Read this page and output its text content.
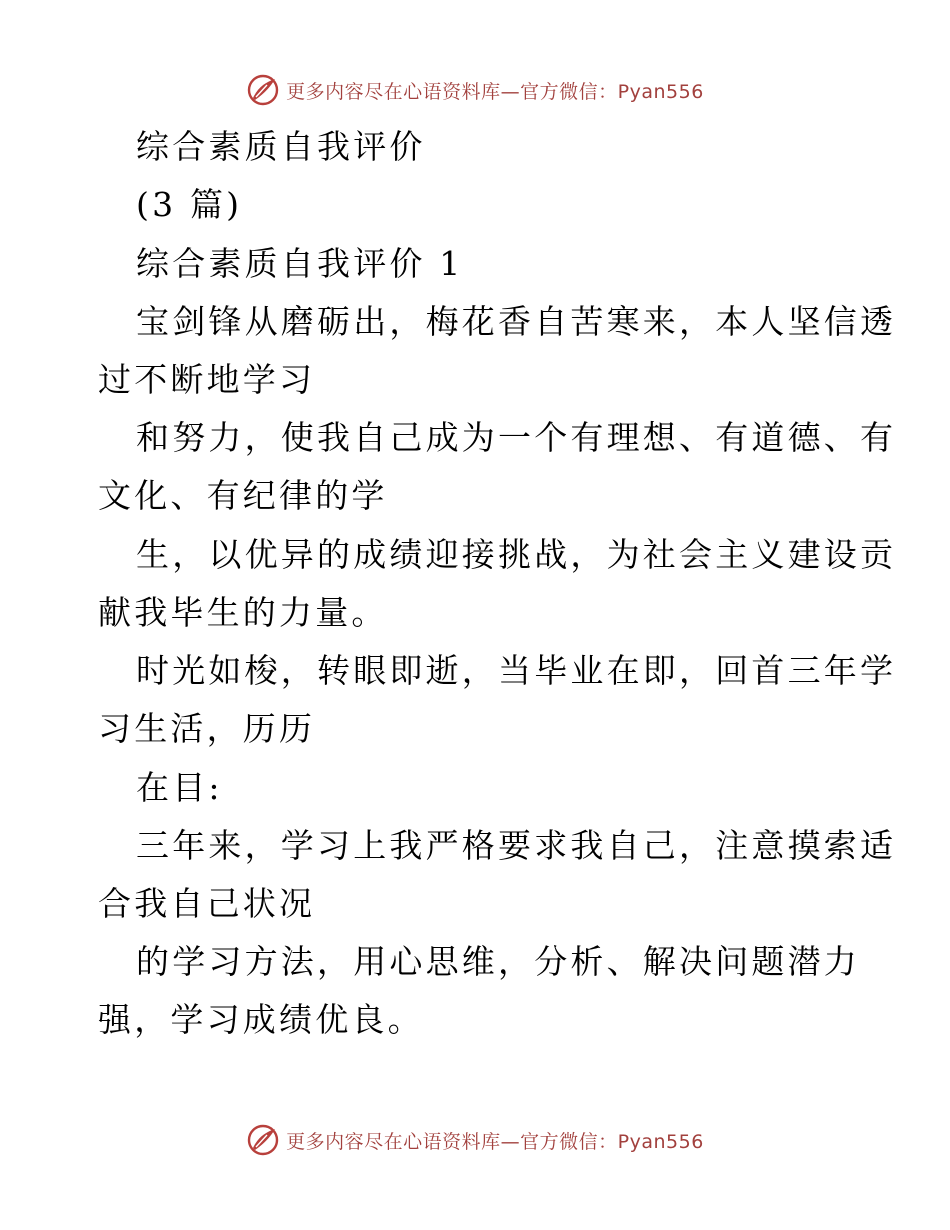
更多内容尽在心语资料库—官方微信：Pyan556
综合素质自我评价
(3 篇)
综合素质自我评价 1
宝剑锋从磨砺出，梅花香自苦寒来，本人坚信透
过不断地学习
和努力，使我自己成为一个有理想、有道德、有
文化、有纪律的学
生，以优异的成绩迎接挑战，为社会主义建设贡
献我毕生的力量。
时光如梭，转眼即逝，当毕业在即，回首三年学
习生活，历历
在目:
三年来，学习上我严格要求我自己，注意摸索适
合我自己状况
的学习方法，用心思维，分析、解决问题潜力
强，学习成绩优良。
更多内容尽在心语资料库—官方微信：Pyan556
